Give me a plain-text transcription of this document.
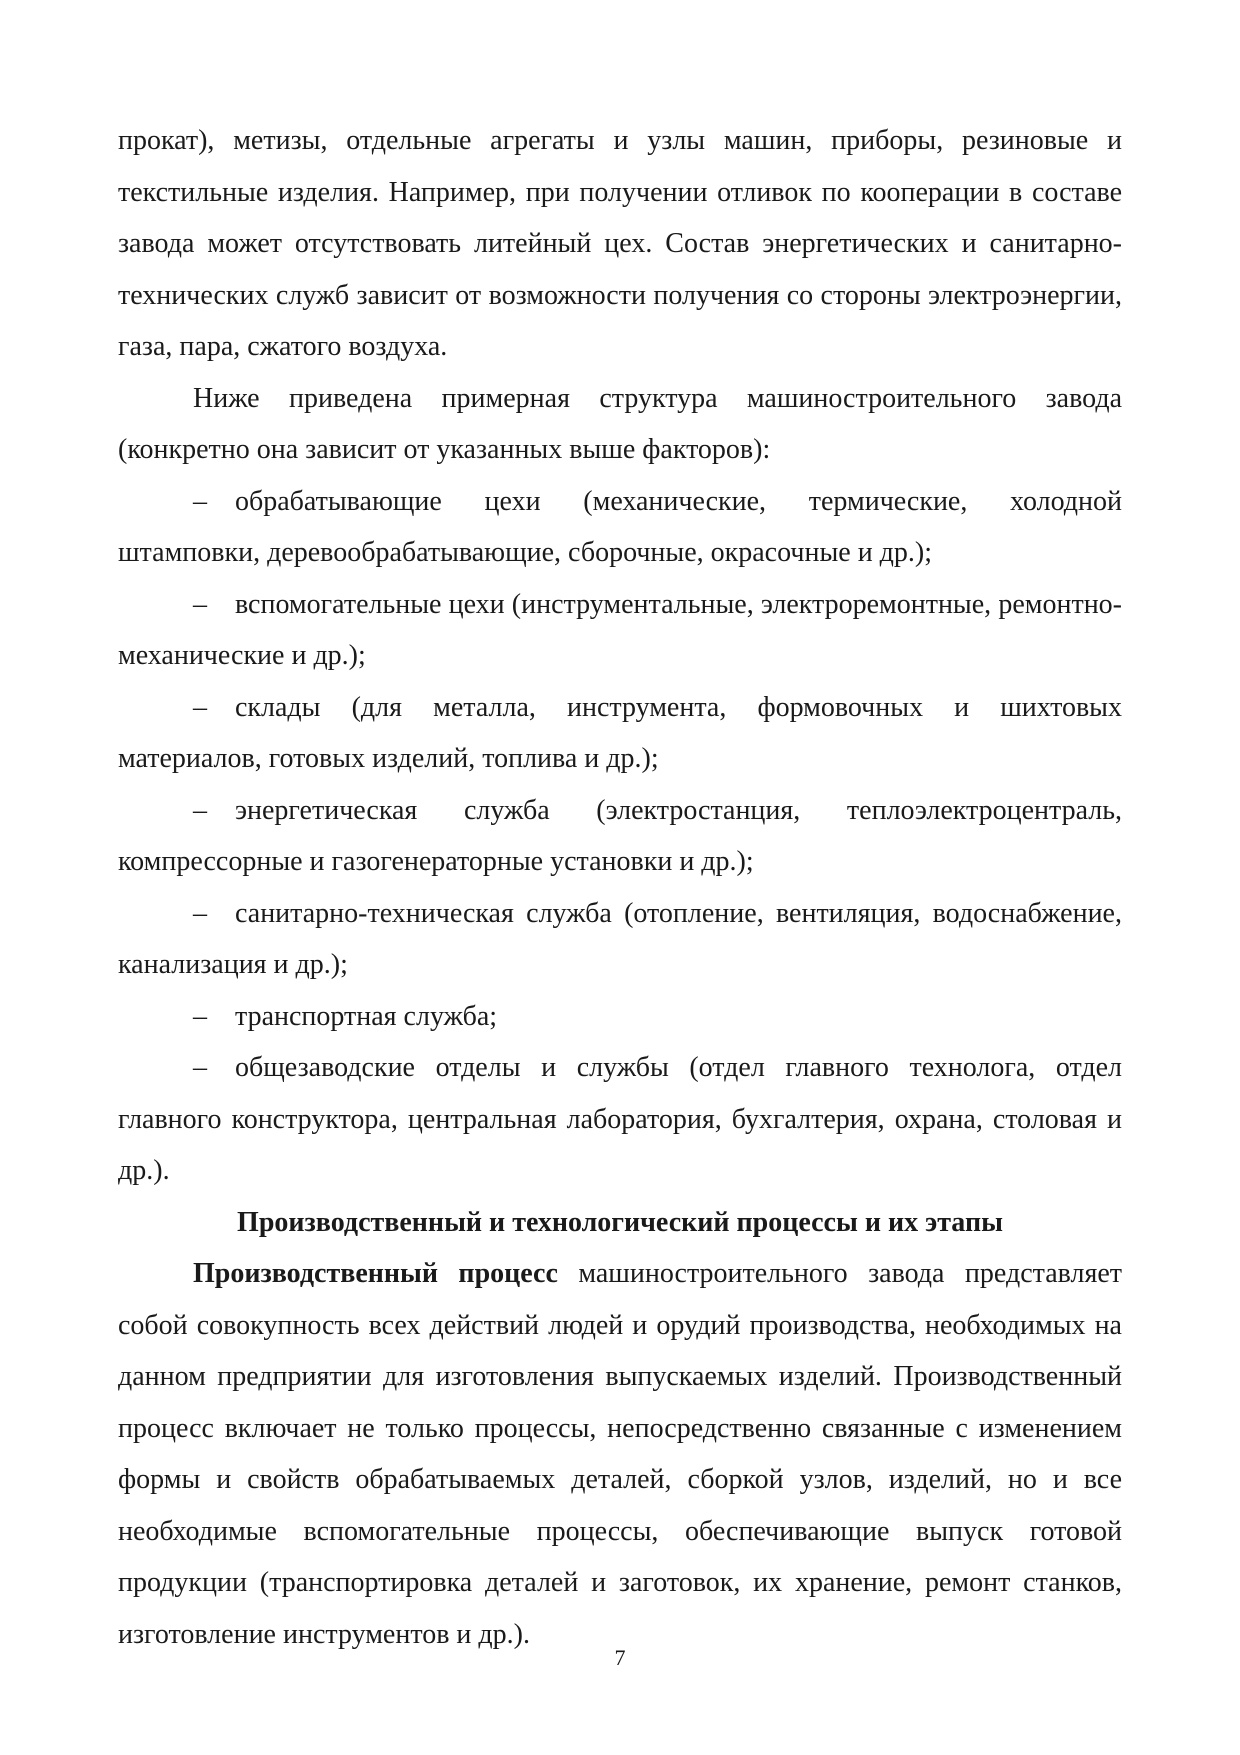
прокат), метизы, отдельные агрегаты и узлы машин, приборы, резиновые и текстильные изделия. Например, при получении отливок по кооперации в составе завода может отсутствовать литейный цех. Состав энергетических и санитарно-технических служб зависит от возможности получения со стороны электроэнергии, газа, пара, сжатого воздуха.

Ниже приведена примерная структура машиностроительного завода (конкретно она зависит от указанных выше факторов):

– обрабатывающие цехи (механические, термические, холодной штамповки, деревообрабатывающие, сборочные, окрасочные и др.);

– вспомогательные цехи (инструментальные, электроремонтные, ремонтно-механические и др.);

– склады (для металла, инструмента, формовочных и шихтовых материалов, готовых изделий, топлива и др.);

– энергетическая служба (электростанция, теплоэлектроцентраль, компрессорные и газогенераторные установки и др.);

– санитарно-техническая служба (отопление, вентиляция, водоснабжение, канализация и др.);

– транспортная служба;

– общезаводские отделы и службы (отдел главного технолога, отдел главного конструктора, центральная лаборатория, бухгалтерия, охрана, столовая и др.).

Производственный и технологический процессы и их этапы

Производственный процесс машиностроительного завода представляет собой совокупность всех действий людей и орудий производства, необходимых на данном предприятии для изготовления выпускаемых изделий. Производственный процесс включает не только процессы, непосредственно связанные с изменением формы и свойств обрабатываемых деталей, сборкой узлов, изделий, но и все необходимые вспомогательные процессы, обеспечивающие выпуск готовой продукции (транспортировка деталей и заготовок, их хранение, ремонт станков, изготовление инструментов и др.).

7
